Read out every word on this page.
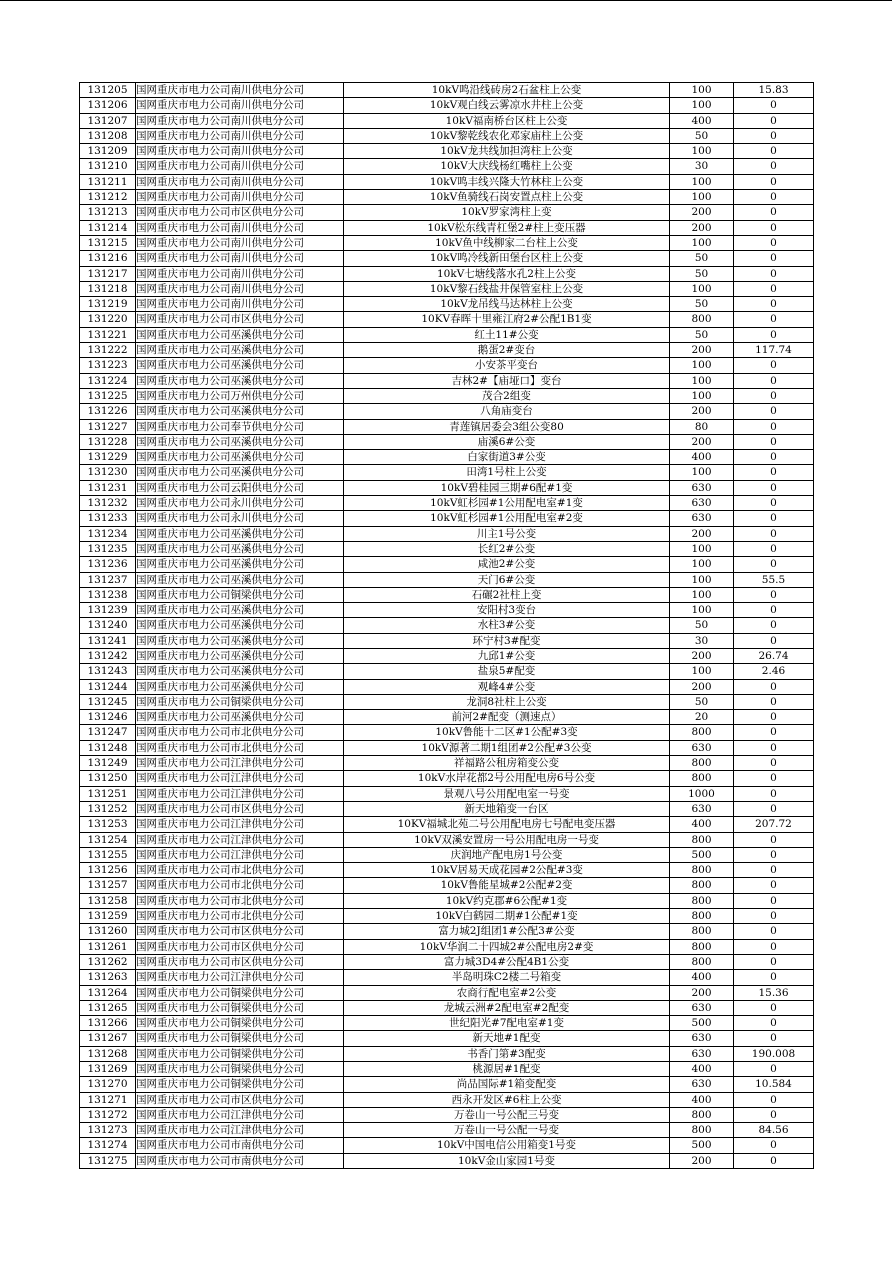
131205	国网重庆市电力公司南川供电分公司	10kV鸣沿线砖房2石盆柱上公变	100	15.83
131206	国网重庆市电力公司南川供电分公司	10kV观白线云雾凉水井柱上公变	100	0
131207	国网重庆市电力公司南川供电分公司	10kV福南桥台区柱上公变	400	0
131208	国网重庆市电力公司南川供电分公司	10kV黎乾线农化邓家庙柱上公变	50	0
131209	国网重庆市电力公司南川供电分公司	10kV龙共线加担湾柱上公变	100	0
131210	国网重庆市电力公司南川供电分公司	10kV大庆线杨红嘴柱上公变	30	0
131211	国网重庆市电力公司南川供电分公司	10kV鸣丰线兴隆大竹林柱上公变	100	0
131212	国网重庆市电力公司南川供电分公司	10kV鱼骑线石岗安置点柱上公变	100	0
131213	国网重庆市电力公司市区供电分公司	10kV罗家湾柱上变	200	0
131214	国网重庆市电力公司南川供电分公司	10kV松东线青杠堡2#柱上变压器	200	0
131215	国网重庆市电力公司南川供电分公司	10kV鱼中线柳家二台柱上公变	100	0
131216	国网重庆市电力公司南川供电分公司	10kV鸣冷线新田堡台区柱上公变	50	0
131217	国网重庆市电力公司南川供电分公司	10kV七塘线落水孔2柱上公变	50	0
131218	国网重庆市电力公司南川供电分公司	10kV黎石线盐井保管室柱上公变	100	0
131219	国网重庆市电力公司南川供电分公司	10kV龙吊线马达林柱上公变	50	0
131220	国网重庆市电力公司市区供电分公司	10KV春晖十里雍江府2#公配1B1变	800	0
131221	国网重庆市电力公司巫溪供电分公司	红土11#公变	50	0
131222	国网重庆市电力公司巫溪供电分公司	鹅蛋2#变台	200	117.74
131223	国网重庆市电力公司巫溪供电分公司	小安茶平变台	100	0
131224	国网重庆市电力公司巫溪供电分公司	吉林2#【庙垭口】变台	100	0
131225	国网重庆市电力公司万州供电分公司	茂合2组变	100	0
131226	国网重庆市电力公司巫溪供电分公司	八角庙变台	200	0
131227	国网重庆市电力公司奉节供电分公司	青莲镇居委会3组公变80	80	0
131228	国网重庆市电力公司巫溪供电分公司	庙溪6#公变	200	0
131229	国网重庆市电力公司巫溪供电分公司	白家街道3#公变	400	0
131230	国网重庆市电力公司巫溪供电分公司	田湾1号柱上公变	100	0
131231	国网重庆市电力公司云阳供电分公司	10kV碧桂园三期#6配#1变	630	0
131232	国网重庆市电力公司永川供电分公司	10kV虹杉园#1公用配电室#1变	630	0
131233	国网重庆市电力公司永川供电分公司	10kV虹杉园#1公用配电室#2变	630	0
131234	国网重庆市电力公司巫溪供电分公司	川主1号公变	200	0
131235	国网重庆市电力公司巫溪供电分公司	长红2#公变	100	0
131236	国网重庆市电力公司巫溪供电分公司	咸池2#公变	100	0
131237	国网重庆市电力公司巫溪供电分公司	天门6#公变	100	55.5
131238	国网重庆市电力公司铜梁供电分公司	石碾2社柱上变	100	0
131239	国网重庆市电力公司巫溪供电分公司	安阳村3变台	100	0
131240	国网重庆市电力公司巫溪供电分公司	水柱3#公变	50	0
131241	国网重庆市电力公司巫溪供电分公司	环宁村3#配变	30	0
131242	国网重庆市电力公司巫溪供电分公司	九邱1#公变	200	26.74
131243	国网重庆市电力公司巫溪供电分公司	盐泉5#配变	100	2.46
131244	国网重庆市电力公司巫溪供电分公司	观峰4#公变	200	0
131245	国网重庆市电力公司铜梁供电分公司	龙洞8社柱上公变	50	0
131246	国网重庆市电力公司巫溪供电分公司	前河2#配变（测速点）	20	0
131247	国网重庆市电力公司市北供电分公司	10kV鲁能十二区#1公配#3变	800	0
131248	国网重庆市电力公司市北供电分公司	10kV源著二期1组团#2公配#3公变	630	0
131249	国网重庆市电力公司江津供电分公司	祥福路公租房箱变公变	800	0
131250	国网重庆市电力公司江津供电分公司	10kV水岸花都2号公用配电房6号公变	800	0
131251	国网重庆市电力公司江津供电分公司	景观八号公用配电室一号变	1000	0
131252	国网重庆市电力公司市区供电分公司	新天地箱变一台区	630	0
131253	国网重庆市电力公司江津供电分公司	10KV福城北苑二号公用配电房七号配电变压器	400	207.72
131254	国网重庆市电力公司江津供电分公司	10kV双溪安置房一号公用配电房一号变	800	0
131255	国网重庆市电力公司江津供电分公司	庆润地产配电房1号公变	500	0
131256	国网重庆市电力公司市北供电分公司	10kV居易天成花园#2公配#3变	800	0
131257	国网重庆市电力公司市北供电分公司	10kV鲁能星城#2公配#2变	800	0
131258	国网重庆市电力公司市北供电分公司	10kV约克郡#6公配#1变	800	0
131259	国网重庆市电力公司市北供电分公司	10kV白鹤园二期#1公配#1变	800	0
131260	国网重庆市电力公司市区供电分公司	富力城2J组团1#公配3#公变	800	0
131261	国网重庆市电力公司市区供电分公司	10kV华润二十四城2#公配电房2#变	800	0
131262	国网重庆市电力公司市区供电分公司	富力城3D4#公配4B1公变	800	0
131263	国网重庆市电力公司江津供电分公司	半岛明珠C2楼二号箱变	400	0
131264	国网重庆市电力公司铜梁供电分公司	农商行配电室#2公变	200	15.36
131265	国网重庆市电力公司铜梁供电分公司	龙城云洲#2配电室#2配变	630	0
131266	国网重庆市电力公司铜梁供电分公司	世纪阳光#7配电室#1变	500	0
131267	国网重庆市电力公司铜梁供电分公司	新天地#1配变	630	0
131268	国网重庆市电力公司铜梁供电分公司	书香门第#3配变	630	190.008
131269	国网重庆市电力公司铜梁供电分公司	桃源居#1配变	400	0
131270	国网重庆市电力公司铜梁供电分公司	尚品国际#1箱变配变	630	10.584
131271	国网重庆市电力公司市区供电分公司	西永开发区#6柱上公变	400	0
131272	国网重庆市电力公司江津供电分公司	万卷山一号公配三号变	800	0
131273	国网重庆市电力公司江津供电分公司	万卷山一号公配一号变	800	84.56
131274	国网重庆市电力公司市南供电分公司	10kV中国电信公用箱变1号变	500	0
131275	国网重庆市电力公司市南供电分公司	10kV金山家园1号变	200	0
